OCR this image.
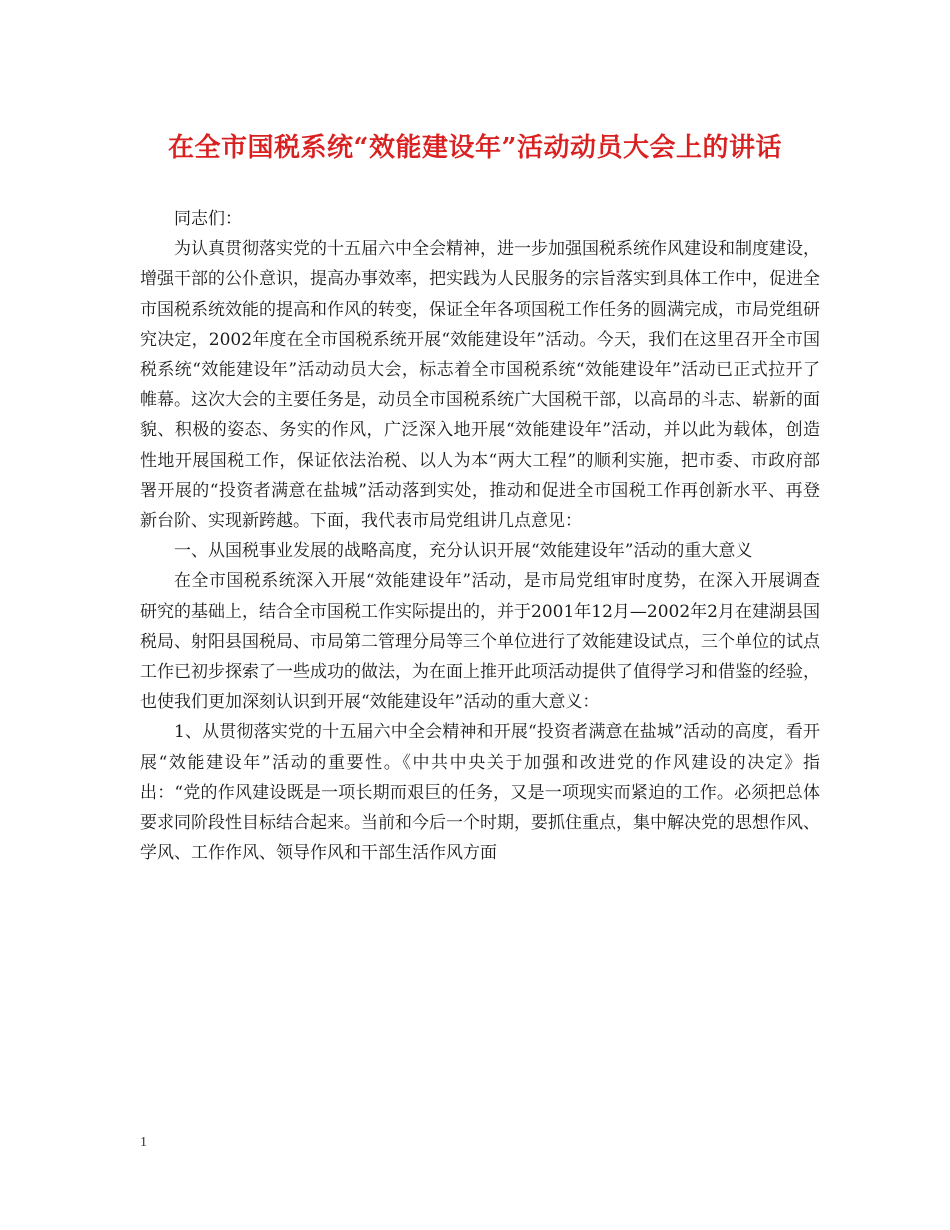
在全市国税系统“效能建设年”活动动员大会上的讲话

同志们：

为认真贯彻落实党的十五届六中全会精神，进一步加强国税系统作风建设和制度建设，增强干部的公仆意识，提高办事效率，把实践为人民服务的宗旨落实到具体工作中，促进全市国税系统效能的提高和作风的转变，保证全年各项国税工作任务的圆满完成，市局党组研究决定，2002年度在全市国税系统开展“效能建设年”活动。今天，我们在这里召开全市国税系统“效能建设年”活动动员大会，标志着全市国税系统“效能建设年”活动已正式拉开了帷幕。这次大会的主要任务是，动员全市国税系统广大国税干部，以高昂的斗志、崭新的面貌、积极的姿态、务实的作风，广泛深入地开展“效能建设年”活动，并以此为载体，创造性地开展国税工作，保证依法治税、以人为本“两大工程”的顺利实施，把市委、市政府部署开展的“投资者满意在盐城”活动落到实处，推动和促进全市国税工作再创新水平、再登新台阶、实现新跨越。下面，我代表市局党组讲几点意见：

一、从国税事业发展的战略高度，充分认识开展“效能建设年”活动的重大意义

在全市国税系统深入开展“效能建设年”活动，是市局党组审时度势，在深入开展调查研究的基础上，结合全市国税工作实际提出的，并于2001年12月—2002年2月在建湖县国税局、射阳县国税局、市局第二管理分局等三个单位进行了效能建设试点，三个单位的试点工作已初步探索了一些成功的做法，为在面上推开此项活动提供了值得学习和借鉴的经验，也使我们更加深刻认识到开展“效能建设年”活动的重大意义：

1、从贯彻落实党的十五届六中全会精神和开展“投资者满意在盐城”活动的高度，看开展“效能建设年”活动的重要性。《中共中央关于加强和改进党的作风建设的决定》指出：“党的作风建设既是一项长期而艰巨的任务，又是一项现实而紧迫的工作。必须把总体要求同阶段性目标结合起来。当前和今后一个时期，要抓住重点，集中解决党的思想作风、学风、工作作风、领导作风和干部生活作风方面

1
